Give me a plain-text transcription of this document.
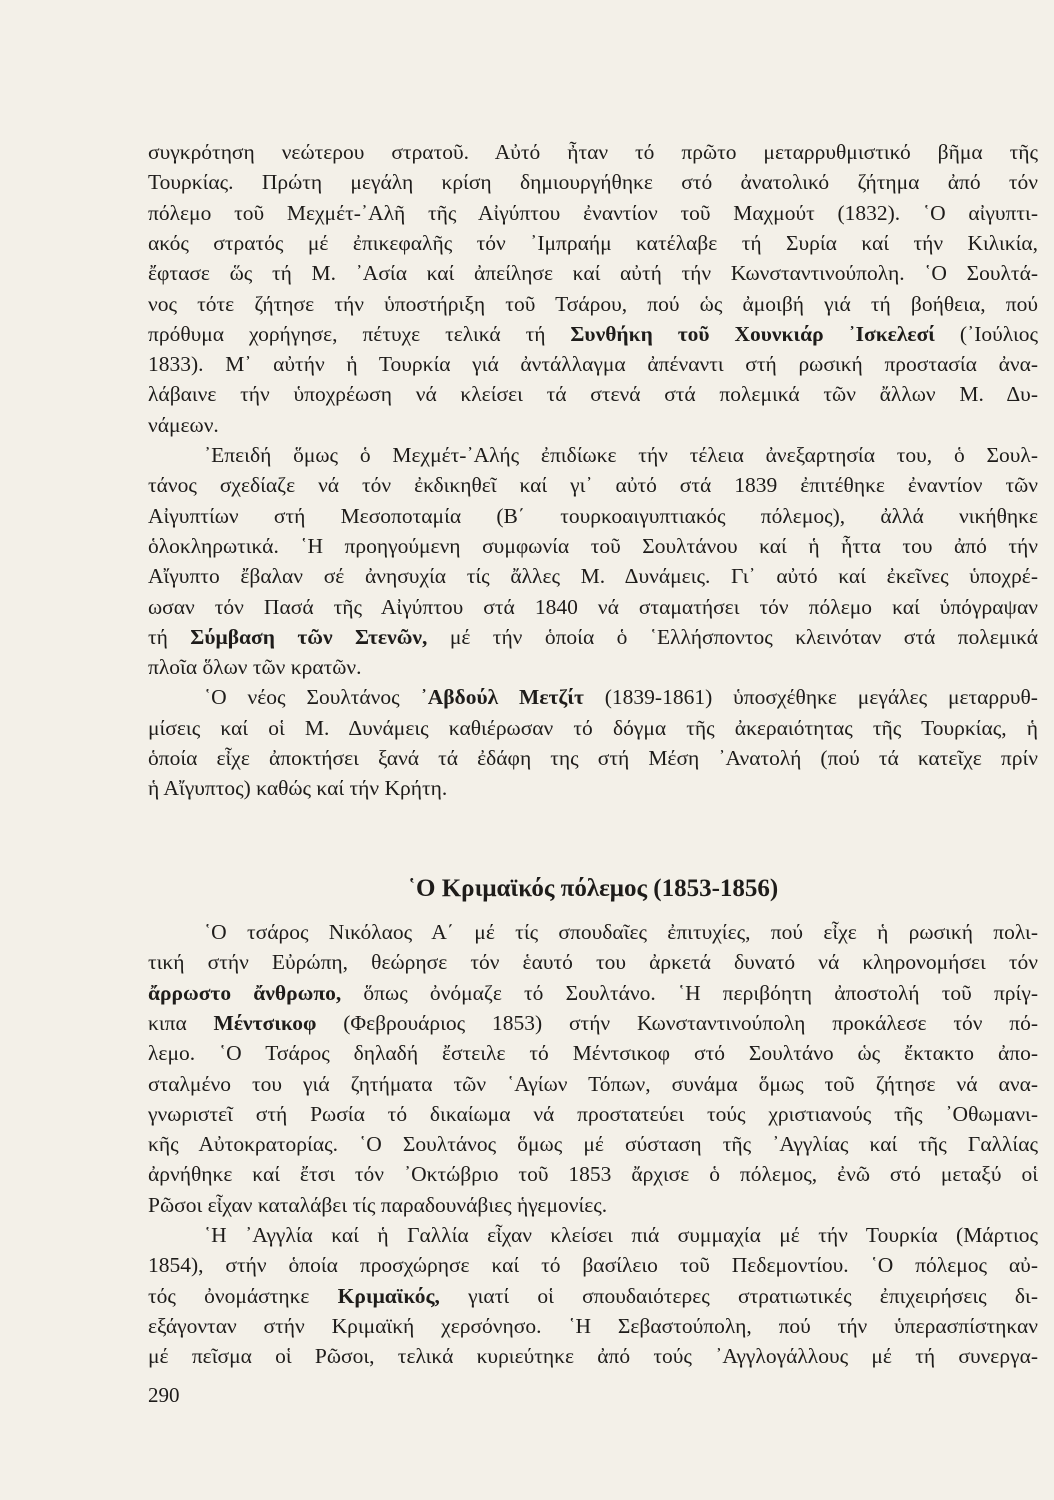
συγκρότηση νεώτερου στρατοῦ. Αὐτό ἦταν τό πρῶτο μεταρρυθμιστικό βῆμα τῆς
Τουρκίας. Πρώτη μεγάλη κρίση δημιουργήθηκε στό ἀνατολικό ζήτημα ἀπό τόν
πόλεμο τοῦ Μεχμέτ-᾽Αλῆ τῆς Αἰγύπτου ἐναντίον τοῦ Μαχμούτ (1832). ῾Ο αἰγυπτι-
ακός στρατός μέ ἐπικεφαλῆς τόν ᾽Ιμπραήμ κατέλαβε τή Συρία καί τήν Κιλικία,
ἔφτασε ὥς τή Μ. ᾽Ασία καί ἀπείλησε καί αὐτή τήν Κωνσταντινούπολη. ῾Ο Σουλτά-
νος τότε ζήτησε τήν ὑποστήριξη τοῦ Τσάρου, πού ὡς ἀμοιβή γιά τή βοήθεια, πού
πρόθυμα χορήγησε, πέτυχε τελικά τή Συνθήκη τοῦ Χουνκιάρ ᾽Ισκελεσί (᾽Ιούλιος
1833). Μ᾽ αὐτήν ἡ Τουρκία γιά ἀντάλλαγμα ἀπέναντι στή ρωσική προστασία ἀνα-
λάβαινε τήν ὑποχρέωση νά κλείσει τά στενά στά πολεμικά τῶν ἄλλων Μ. Δυ-
νάμεων.
᾽Επειδή ὅμως ὁ Μεχμέτ-᾽Αλής ἐπιδίωκε τήν τέλεια ἀνεξαρτησία του, ὁ Σουλ-
τάνος σχεδίαζε νά τόν ἐκδικηθεῖ καί γι᾽ αὐτό στά 1839 ἐπιτέθηκε ἐναντίον τῶν
Αἰγυπτίων στή Μεσοποταμία (Β΄ τουρκοαιγυπτιακός πόλεμος), ἀλλά νικήθηκε
ὁλοκληρωτικά. ῾Η προηγούμενη συμφωνία τοῦ Σουλτάνου καί ἡ ἧττα του ἀπό τήν
Αἴγυπτο ἔβαλαν σέ ἀνησυχία τίς ἄλλες Μ. Δυνάμεις. Γι᾽ αὐτό καί ἐκεῖνες ὑποχρέ-
ωσαν τόν Πασά τῆς Αἰγύπτου στά 1840 νά σταματήσει τόν πόλεμο καί ὑπόγραψαν
τή Σύμβαση τῶν Στενῶν, μέ τήν ὁποία ὁ ῾Ελλήσποντος κλεινόταν στά πολεμικά
πλοῖα ὅλων τῶν κρατῶν.
῾Ο νέος Σουλτάνος ᾽Αβδούλ Μετζίτ (1839-1861) ὑποσχέθηκε μεγάλες μεταρρυθ-
μίσεις καί οἱ Μ. Δυνάμεις καθιέρωσαν τό δόγμα τῆς ἀκεραιότητας τῆς Τουρκίας, ἡ
ὁποία εἶχε ἀποκτήσει ξανά τά ἐδάφη της στή Μέση ᾽Ανατολή (πού τά κατεῖχε πρίν
ἡ Αἴγυπτος) καθώς καί τήν Κρήτη.
῾Ο Κριμαϊκός πόλεμος (1853-1856)
῾Ο τσάρος Νικόλαος Α΄ μέ τίς σπουδαῖες ἐπιτυχίες, πού εἶχε ἡ ρωσική πολι-
τική στήν Εὐρώπη, θεώρησε τόν ἑαυτό του ἀρκετά δυνατό νά κληρονομήσει τόν
ἄρρωστο ἄνθρωπο, ὅπως ὀνόμαζε τό Σουλτάνο. ῾Η περιβόητη ἀποστολή τοῦ πρίγ-
κιπα Μέντσικοφ (Φεβρουάριος 1853) στήν Κωνσταντινούπολη προκάλεσε τόν πό-
λεμο. ῾Ο Τσάρος δηλαδή ἔστειλε τό Μέντσικοφ στό Σουλτάνο ὡς ἔκτακτο ἀπο-
σταλμένο του γιά ζητήματα τῶν ῾Αγίων Τόπων, συνάμα ὅμως τοῦ ζήτησε νά ανα-
γνωριστεῖ στή Ρωσία τό δικαίωμα νά προστατεύει τούς χριστιανούς τῆς ᾽Οθωμανι-
κῆς Αὐτοκρατορίας. ῾Ο Σουλτάνος ὅμως μέ σύσταση τῆς ᾽Αγγλίας καί τῆς Γαλλίας
ἀρνήθηκε καί ἔτσι τόν ᾽Οκτώβριο τοῦ 1853 ἄρχισε ὁ πόλεμος, ἐνῶ στό μεταξύ οἱ
Ρῶσοι εἶχαν καταλάβει τίς παραδουνάβιες ἡγεμονίες.
῾Η ᾽Αγγλία καί ἡ Γαλλία εἶχαν κλείσει πιά συμμαχία μέ τήν Τουρκία (Μάρτιος
1854), στήν ὁποία προσχώρησε καί τό βασίλειο τοῦ Πεδεμοντίου. ῾Ο πόλεμος αὐ-
τός ὀνομάστηκε Κριμαϊκός, γιατί οἱ σπουδαιότερες στρατιωτικές ἐπιχειρήσεις δι-
εξάγονταν στήν Κριμαϊκή χερσόνησο. ῾Η Σεβαστούπολη, πού τήν ὑπερασπίστηκαν
μέ πεῖσμα οἱ Ρῶσοι, τελικά κυριεύτηκε ἀπό τούς ᾽Αγγλογάλλους μέ τή συνεργα-
290
